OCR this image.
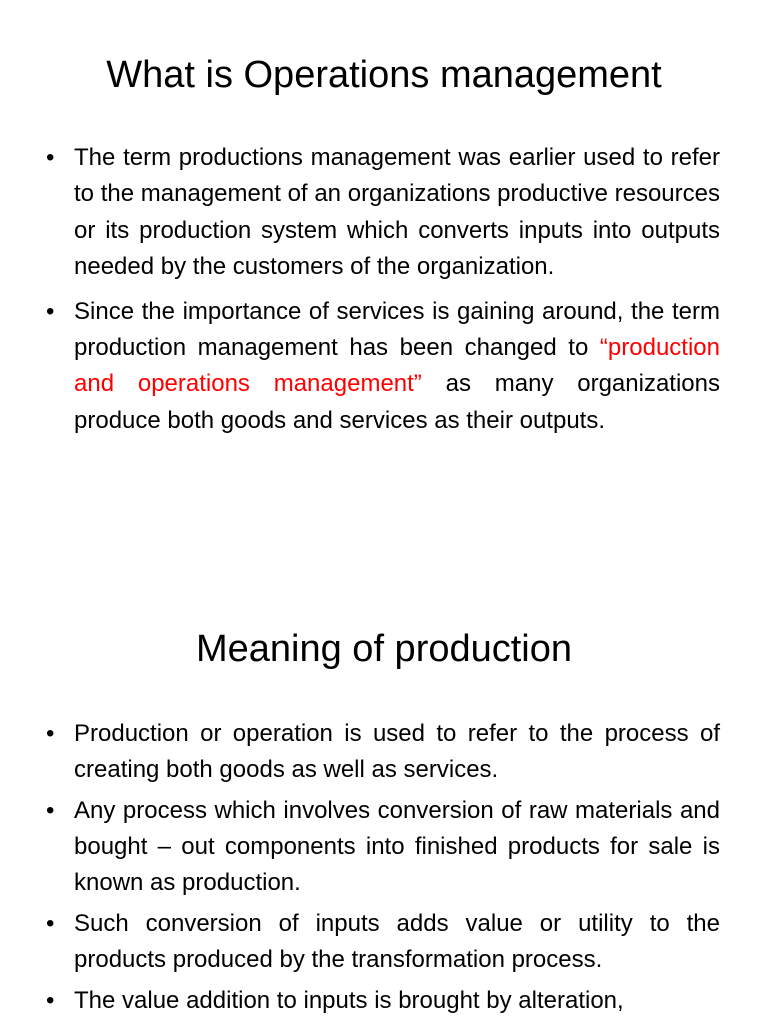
What is Operations management
• The term productions management was earlier used to refer to the management of an organizations productive resources or its production system which converts inputs into outputs needed by the customers of the organization.
• Since the importance of services is gaining around, the term production management has been changed to “production and operations management” as many organizations produce both goods and services as their outputs.
Meaning of production
• Production or operation is used to refer to the process of creating both goods as well as services.
• Any process which involves conversion of raw materials and bought – out components into finished products for sale is known as production.
• Such conversion of inputs adds value or utility to the products produced by the transformation process.
• The value addition to inputs is brought by alteration,
